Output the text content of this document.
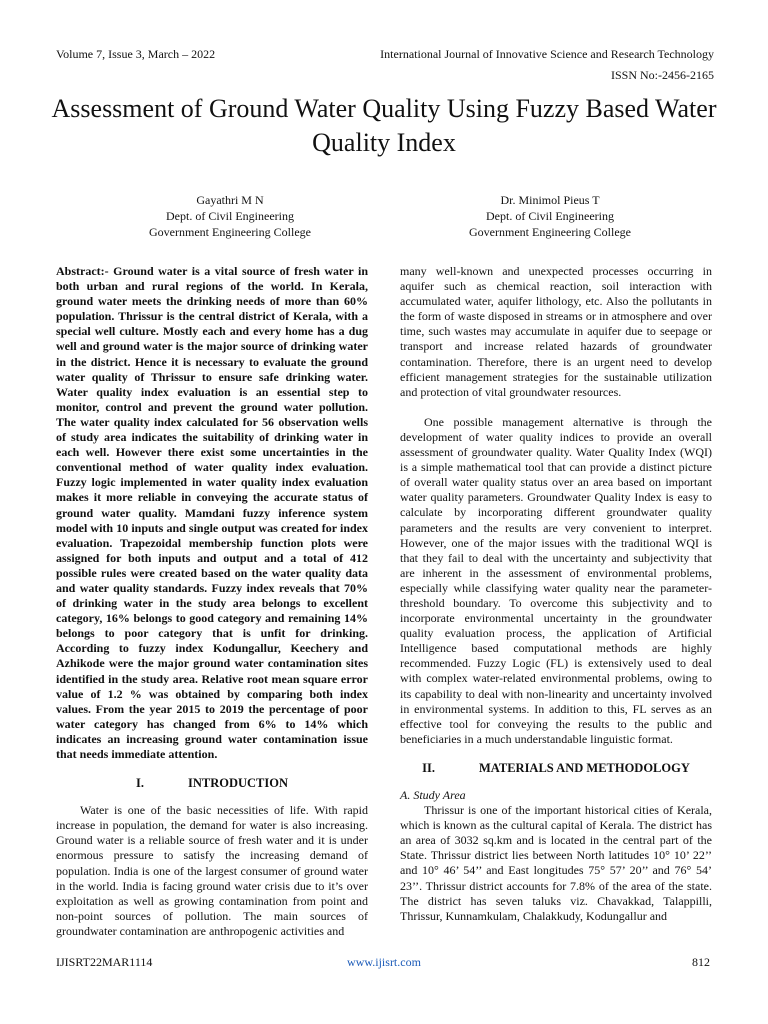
Volume 7, Issue 3, March – 2022	International Journal of Innovative Science and Research Technology
ISSN No:-2456-2165
Assessment of Ground Water Quality Using Fuzzy Based Water Quality Index
Gayathri M N
Dept. of Civil Engineering
Government Engineering College
Dr. Minimol Pieus T
Dept. of Civil Engineering
Government Engineering College

Abstract:- Ground water is a vital source of fresh water in both urban and rural regions of the world. In Kerala, ground water meets the drinking needs of more than 60% population. Thrissur is the central district of Kerala, with a special well culture. Mostly each and every home has a dug well and ground water is the major source of drinking water in the district. Hence it is necessary to evaluate the ground water quality of Thrissur to ensure safe drinking water. Water quality index evaluation is an essential step to monitor, control and prevent the ground water pollution. The water quality index calculated for 56 observation wells of study area indicates the suitability of drinking water in each well. However there exist some uncertainties in the conventional method of water quality index evaluation. Fuzzy logic implemented in water quality index evaluation makes it more reliable in conveying the accurate status of ground water quality. Mamdani fuzzy inference system model with 10 inputs and single output was created for index evaluation. Trapezoidal membership function plots were assigned for both inputs and output and a total of 412 possible rules were created based on the water quality data and water quality standards. Fuzzy index reveals that 70% of drinking water in the study area belongs to excellent category, 16% belongs to good category and remaining 14% belongs to poor category that is unfit for drinking. According to fuzzy index Kodungallur, Keechery and Azhikode were the major ground water contamination sites identified in the study area. Relative root mean square error value of 1.2 % was obtained by comparing both index values. From the year 2015 to 2019 the percentage of poor water category has changed from 6% to 14% which indicates an increasing ground water contamination issue that needs immediate attention.

I.	INTRODUCTION

Water is one of the basic necessities of life. With rapid increase in population, the demand for water is also increasing. Ground water is a reliable source of fresh water and it is under enormous pressure to satisfy the increasing demand of population. India is one of the largest consumer of ground water in the world. India is facing ground water crisis due to it’s over exploitation as well as growing contamination from point and non-point sources of pollution. The main sources of groundwater contamination are anthropogenic activities and

many well-known and unexpected processes occurring in aquifer such as chemical reaction, soil interaction with accumulated water, aquifer lithology, etc. Also the pollutants in the form of waste disposed in streams or in atmosphere and over time, such wastes may accumulate in aquifer due to seepage or transport and increase related hazards of groundwater contamination. Therefore, there is an urgent need to develop efficient management strategies for the sustainable utilization and protection of vital groundwater resources.

One possible management alternative is through the development of water quality indices to provide an overall assessment of groundwater quality. Water Quality Index (WQI) is a simple mathematical tool that can provide a distinct picture of overall water quality status over an area based on important water quality parameters. Groundwater Quality Index is easy to calculate by incorporating different groundwater quality parameters and the results are very convenient to interpret. However, one of the major issues with the traditional WQI is that they fail to deal with the uncertainty and subjectivity that are inherent in the assessment of environmental problems, especially while classifying water quality near the parameter-threshold boundary. To overcome this subjectivity and to incorporate environmental uncertainty in the groundwater quality evaluation process, the application of Artificial Intelligence based computational methods are highly recommended. Fuzzy Logic (FL) is extensively used to deal with complex water-related environmental problems, owing to its capability to deal with non-linearity and uncertainty involved in environmental systems. In addition to this, FL serves as an effective tool for conveying the results to the public and beneficiaries in a much understandable linguistic format.

II.	MATERIALS AND METHODOLOGY

A. Study Area

Thrissur is one of the important historical cities of Kerala, which is known as the cultural capital of Kerala. The district has an area of 3032 sq.km and is located in the central part of the State. Thrissur district lies between North latitudes 10° 10’ 22’’ and 10° 46’ 54’’ and East longitudes 75° 57’ 20’’ and 76° 54’ 23’’. Thrissur district accounts for 7.8% of the area of the state. The district has seven taluks viz. Chavakkad, Talappilli, Thrissur, Kunnamkulam, Chalakkudy, Kodungallur and

IJISRT22MAR1114	www.ijisrt.com	812
